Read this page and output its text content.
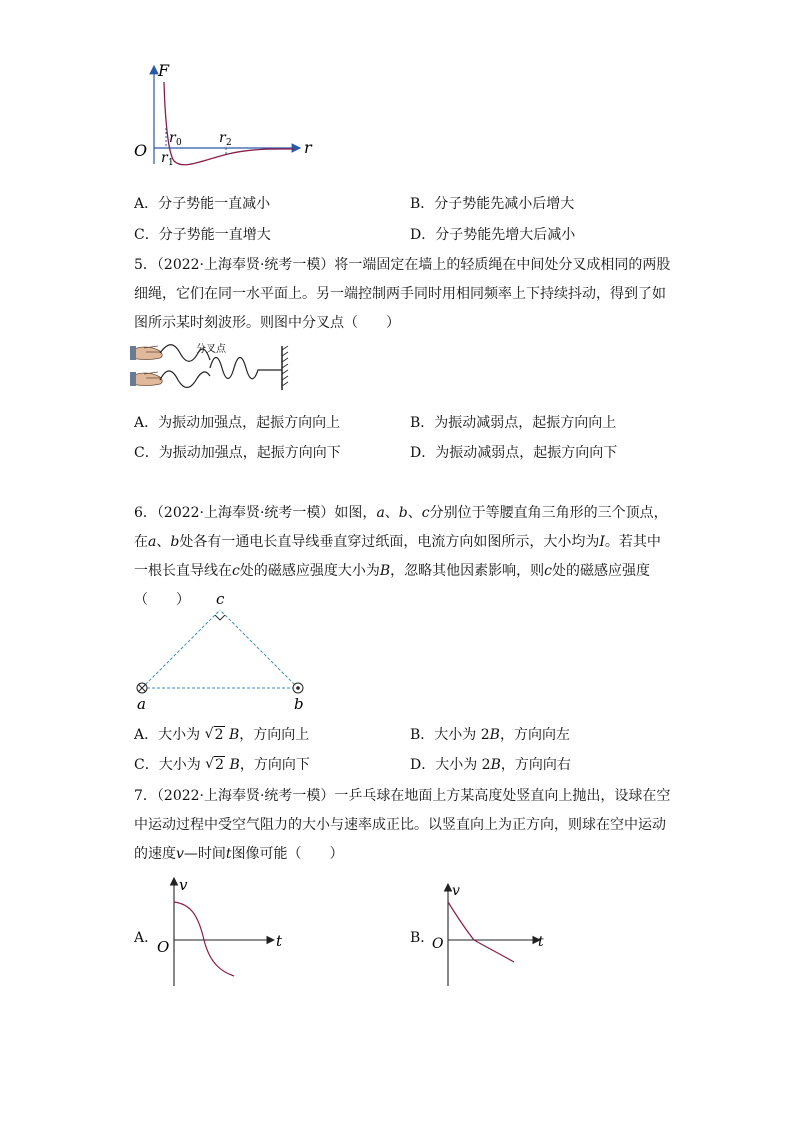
F
O	r
r 0
r 1
r 2
A．分子势能一直减小	B．分子势能先减小后增大
C．分子势能一直增大	D．分子势能先增大后减小
5．（2022·上海奉贤·统考一模）将一端固定在墙上的轻质绳在中间处分叉成相同的两股
细绳，它们在同一水平面上。另一端控制两手同时用相同频率上下持续抖动，得到了如
图所示某时刻波形。则图中分叉点（　　）
分叉点
A．为振动加强点，起振方向向上	B．为振动减弱点，起振方向向上
C．为振动加强点，起振方向向下	D．为振动减弱点，起振方向向下
6．（2022·上海奉贤·统考一模）如图，a、b、c分别位于等腰直角三角形的三个顶点，
在a、b处各有一通电长直导线垂直穿过纸面，电流方向如图所示，大小均为I。若其中
一根长直导线在c处的磁感应强度大小为B，忽略其他因素影响，则c处的磁感应强度
（　　） c
a	b
A．大小为 √ 2 B，方向向上	B．大小为 2B，方向向左
C．大小为 √ 2 B，方向向下	D．大小为 2B，方向向右
7．（2022·上海奉贤·统考一模）一乒乓球在地面上方某高度处竖直向上抛出，设球在空
中运动过程中受空气阻力的大小与速率成正比。以竖直向上为正方向，则球在空中运动
的速度v—时间t图像可能（　　）
A．
v
O	t	B．
v
O	t
